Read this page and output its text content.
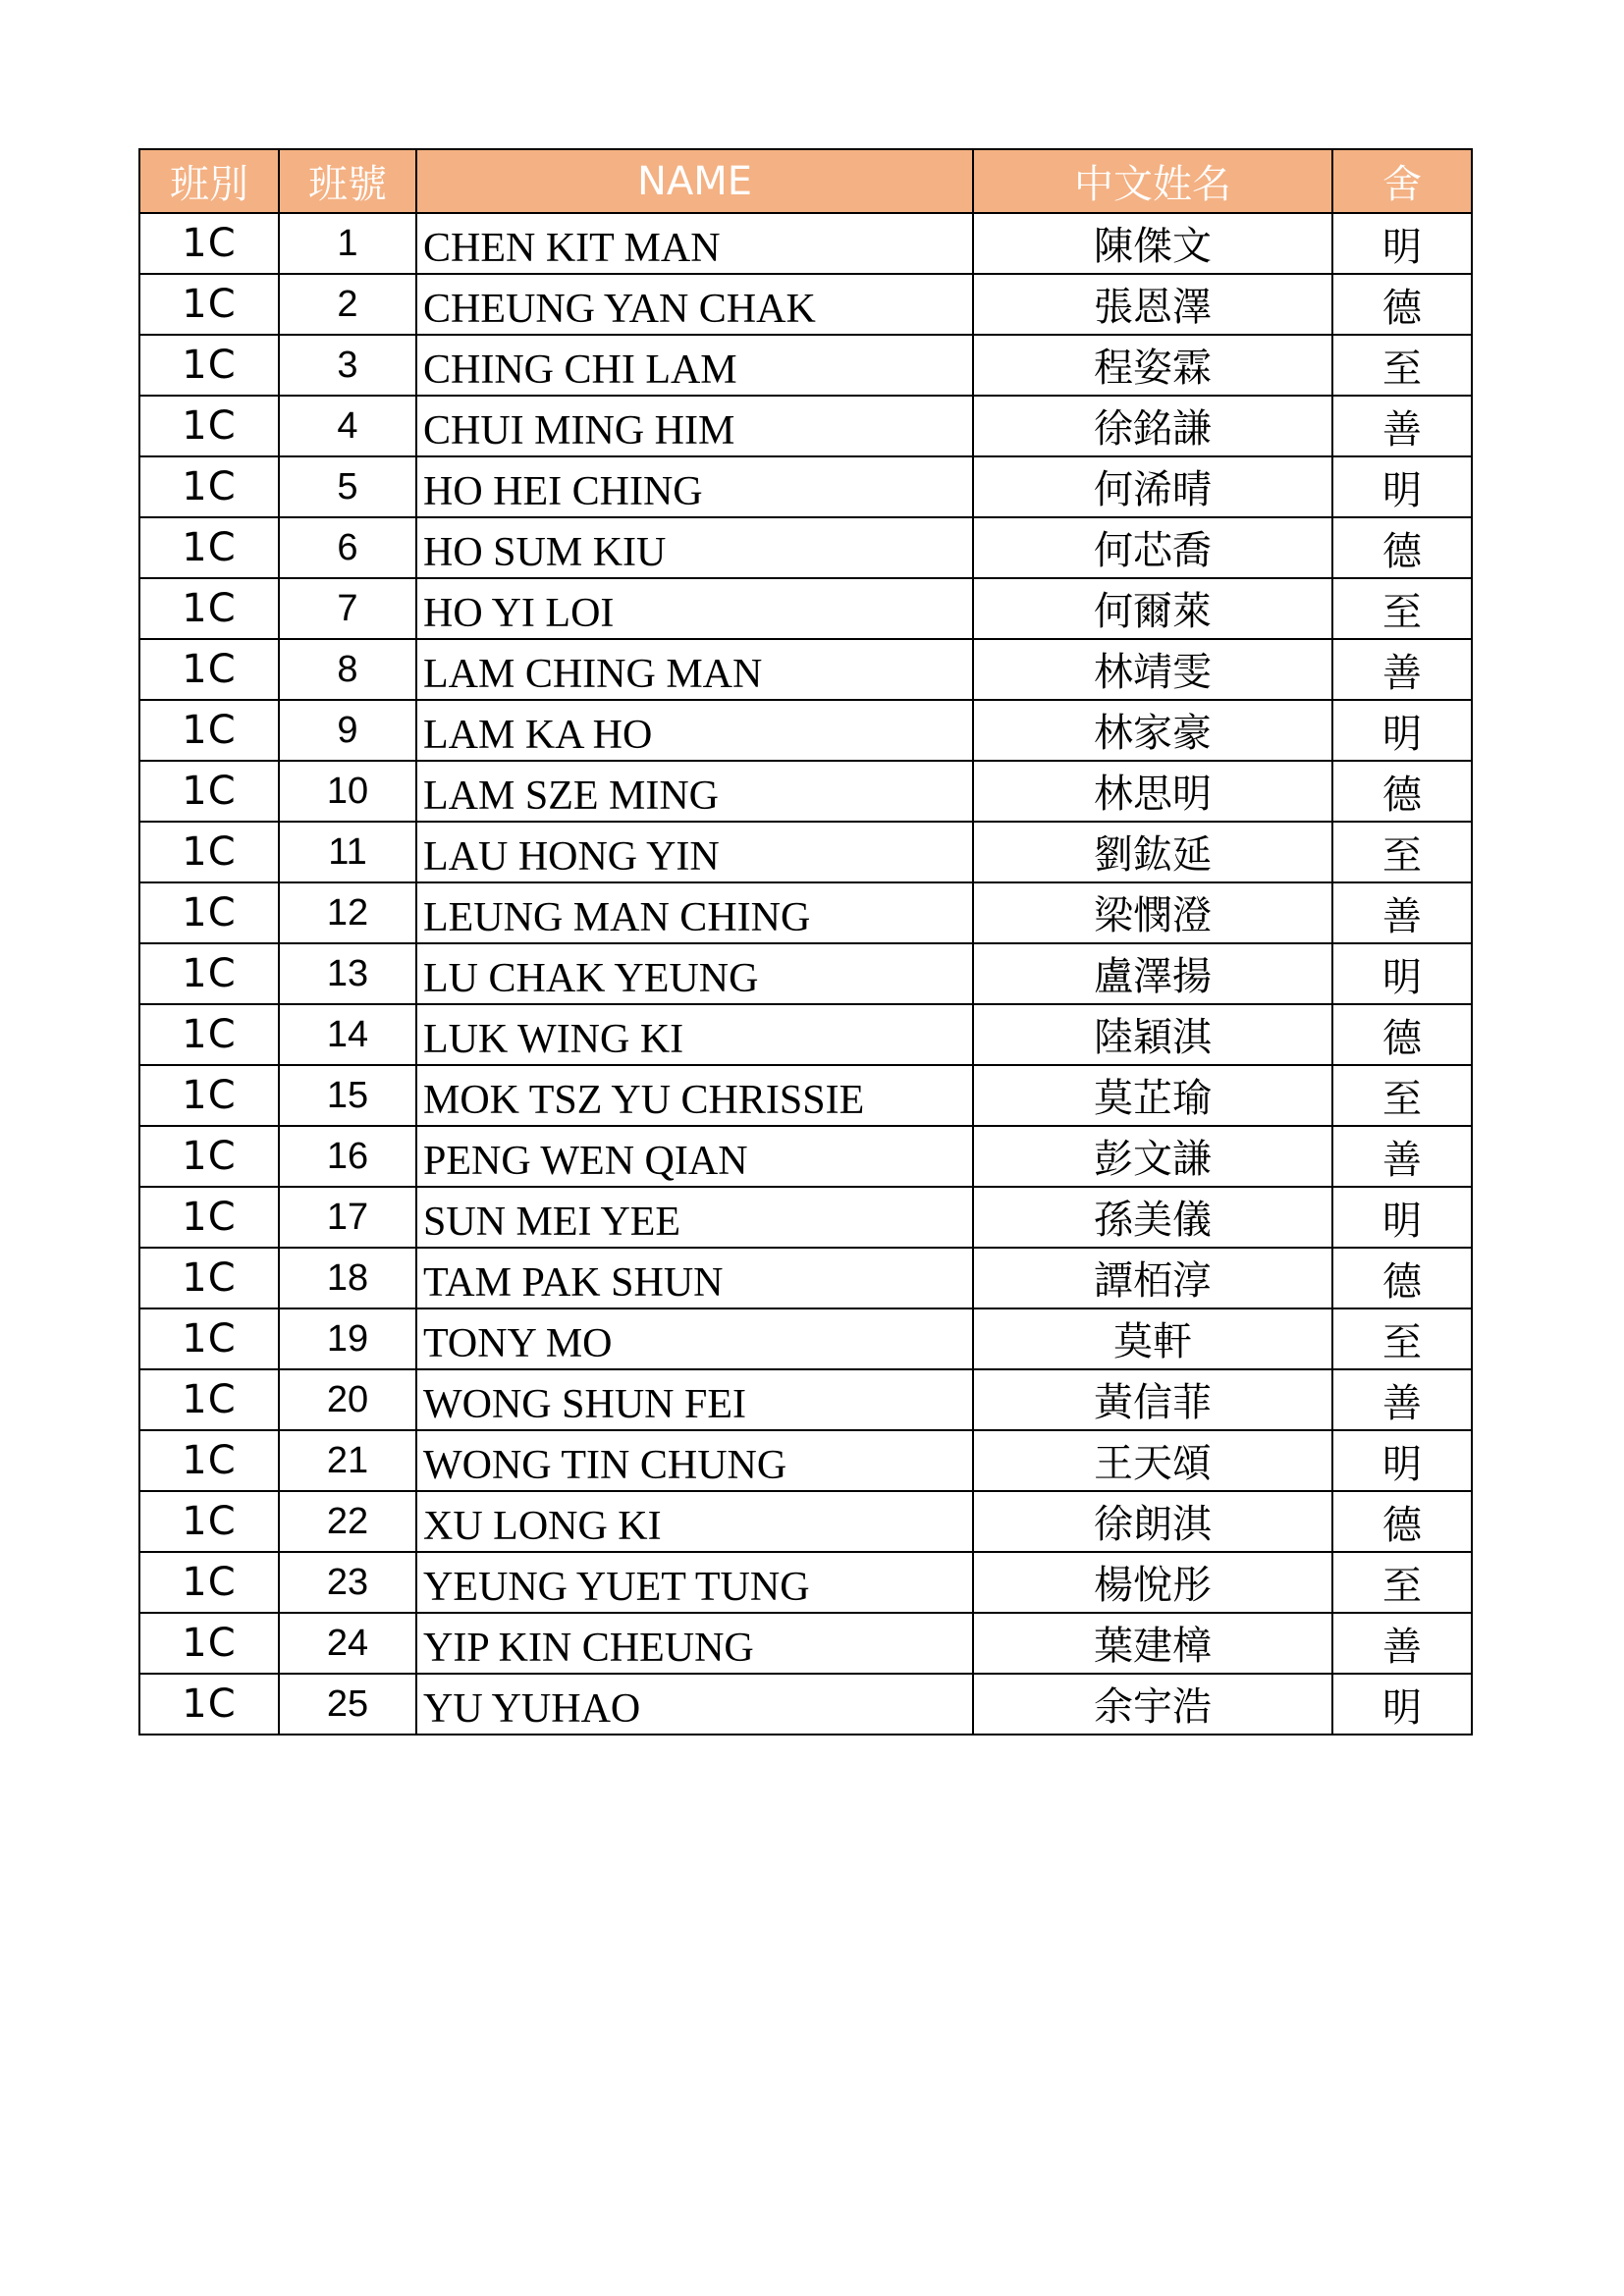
班別	班號	NAME	中文姓名	舍
1C	1	CHEN KIT MAN	陳傑文	明
1C	2	CHEUNG YAN CHAK	張恩澤	德
1C	3	CHING CHI LAM	程姿霖	至
1C	4	CHUI MING HIM	徐銘謙	善
1C	5	HO HEI CHING	何浠晴	明
1C	6	HO SUM KIU	何芯喬	德
1C	7	HO YI LOI	何爾萊	至
1C	8	LAM CHING MAN	林靖雯	善
1C	9	LAM KA HO	林家豪	明
1C	10	LAM SZE MING	林思明	德
1C	11	LAU HONG YIN	劉鈜延	至
1C	12	LEUNG MAN CHING	梁憫澄	善
1C	13	LU CHAK YEUNG	盧澤揚	明
1C	14	LUK WING KI	陸穎淇	德
1C	15	MOK TSZ YU CHRISSIE	莫芷瑜	至
1C	16	PENG WEN QIAN	彭文謙	善
1C	17	SUN MEI YEE	孫美儀	明
1C	18	TAM PAK SHUN	譚栢淳	德
1C	19	TONY MO	莫軒	至
1C	20	WONG SHUN FEI	黃信菲	善
1C	21	WONG TIN CHUNG	王天頌	明
1C	22	XU LONG KI	徐朗淇	德
1C	23	YEUNG YUET TUNG	楊悅彤	至
1C	24	YIP KIN CHEUNG	葉建樟	善
1C	25	YU YUHAO	余宇浩	明
